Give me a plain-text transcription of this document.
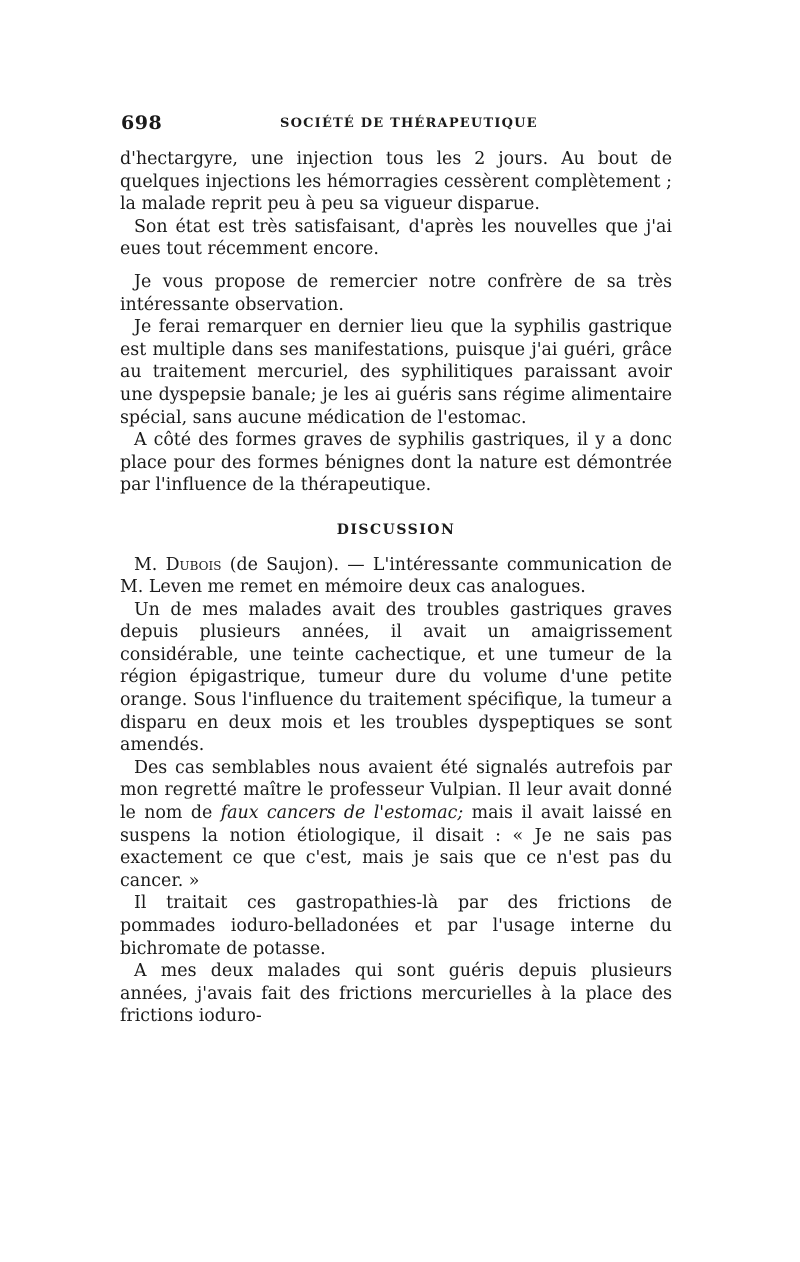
698	SOCIÉTÉ DE THÉRAPEUTIQUE

d'hectargyre, une injection tous les 2 jours. Au bout de quelques injections les hémorragies cessèrent complètement ; la malade reprit peu à peu sa vigueur disparue.

Son état est très satisfaisant, d'après les nouvelles que j'ai eues tout récemment encore.

Je vous propose de remercier notre confrère de sa très intéressante observation.

Je ferai remarquer en dernier lieu que la syphilis gastrique est multiple dans ses manifestations, puisque j'ai guéri, grâce au traitement mercuriel, des syphilitiques paraissant avoir une dyspepsie banale; je les ai guéris sans régime alimentaire spécial, sans aucune médication de l'estomac.

A côté des formes graves de syphilis gastriques, il y a donc place pour des formes bénignes dont la nature est démontrée par l'influence de la thérapeutique.

DISCUSSION

M. Dubois (de Saujon). — L'intéressante communication de M. Leven me remet en mémoire deux cas analogues.

Un de mes malades avait des troubles gastriques graves depuis plusieurs années, il avait un amaigrissement considérable, une teinte cachectique, et une tumeur de la région épigastrique, tumeur dure du volume d'une petite orange. Sous l'influence du traitement spécifique, la tumeur a disparu en deux mois et les troubles dyspeptiques se sont amendés.

Des cas semblables nous avaient été signalés autrefois par mon regretté maître le professeur Vulpian. Il leur avait donné le nom de faux cancers de l'estomac; mais il avait laissé en suspens la notion étiologique, il disait : « Je ne sais pas exactement ce que c'est, mais je sais que ce n'est pas du cancer. »

Il traitait ces gastropathies-là par des frictions de pommades ioduro-belladonées et par l'usage interne du bichromate de potasse.

A mes deux malades qui sont guéris depuis plusieurs années, j'avais fait des frictions mercurielles à la place des frictions ioduro-
